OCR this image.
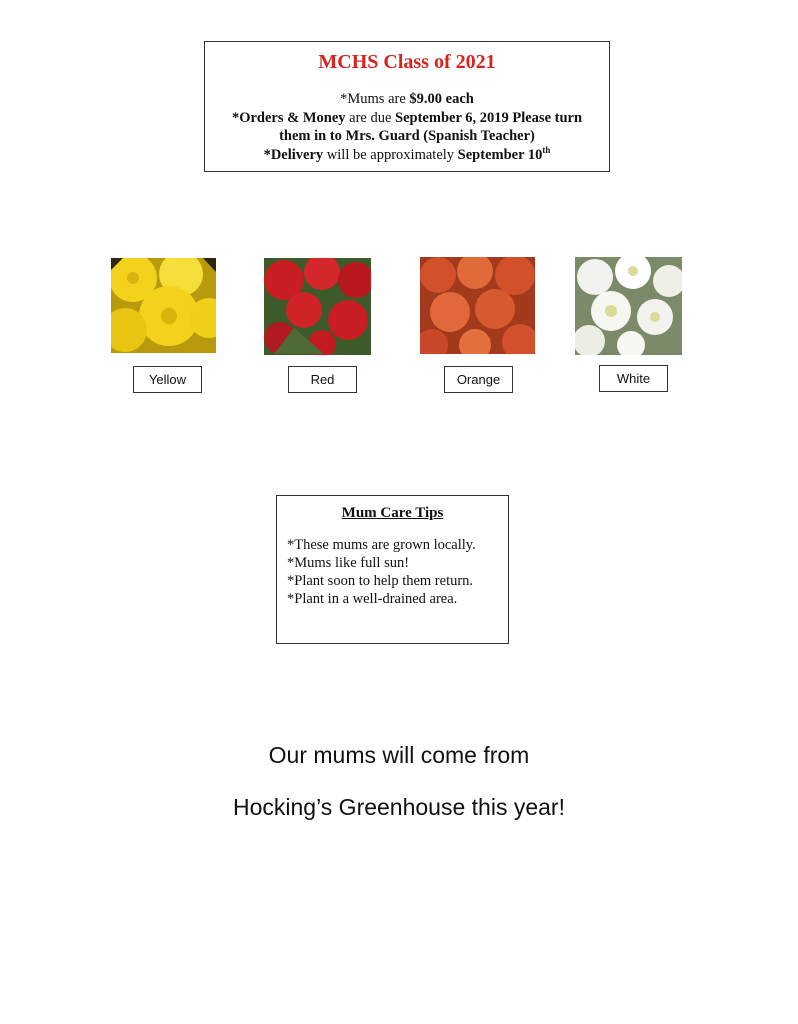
MCHS Class of 2021
*Mums are $9.00 each
*Orders & Money are due September 6, 2019 Please turn
them in to Mrs. Guard (Spanish Teacher)
*Delivery will be approximately September 10th
Yellow	Red	Orange	White
Mum Care Tips
*These mums are grown locally.
*Mums like full sun!
*Plant soon to help them return.
*Plant in a well-drained area.
Our mums will come from
Hocking’s Greenhouse this year!
